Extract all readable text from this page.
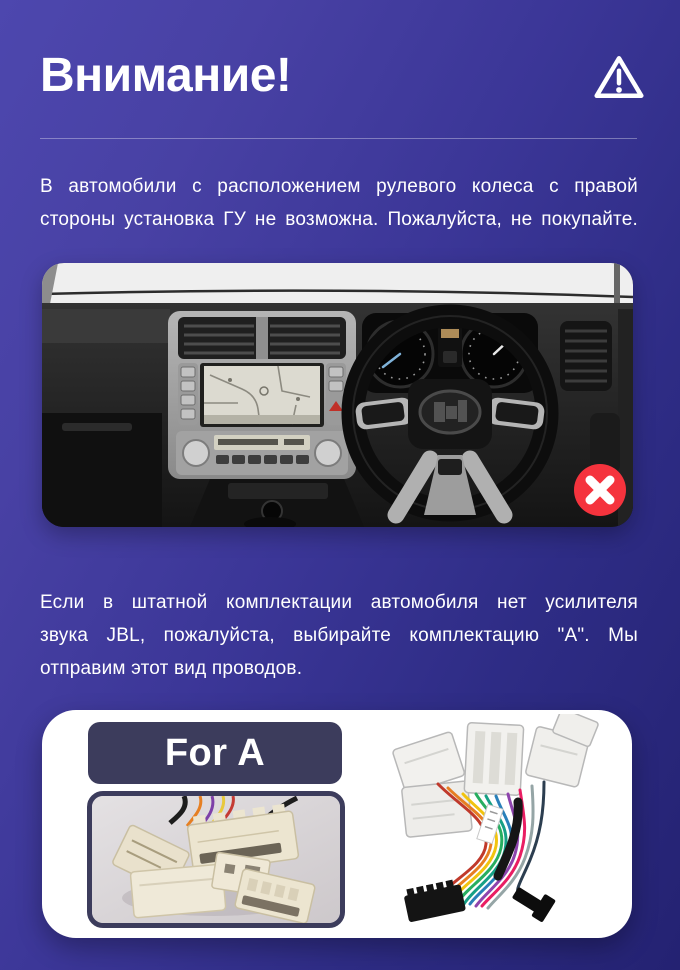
Внимание!
В автомобили с расположением рулевого колеса с правой
стороны установка ГУ не возможна. Пожалуйста, не покупайте.
Если в штатной комплектации автомобиля нет усилителя
звука JBL, пожалуйста, выбирайте комплектацию "А". Мы
отправим этот вид проводов.
For A
